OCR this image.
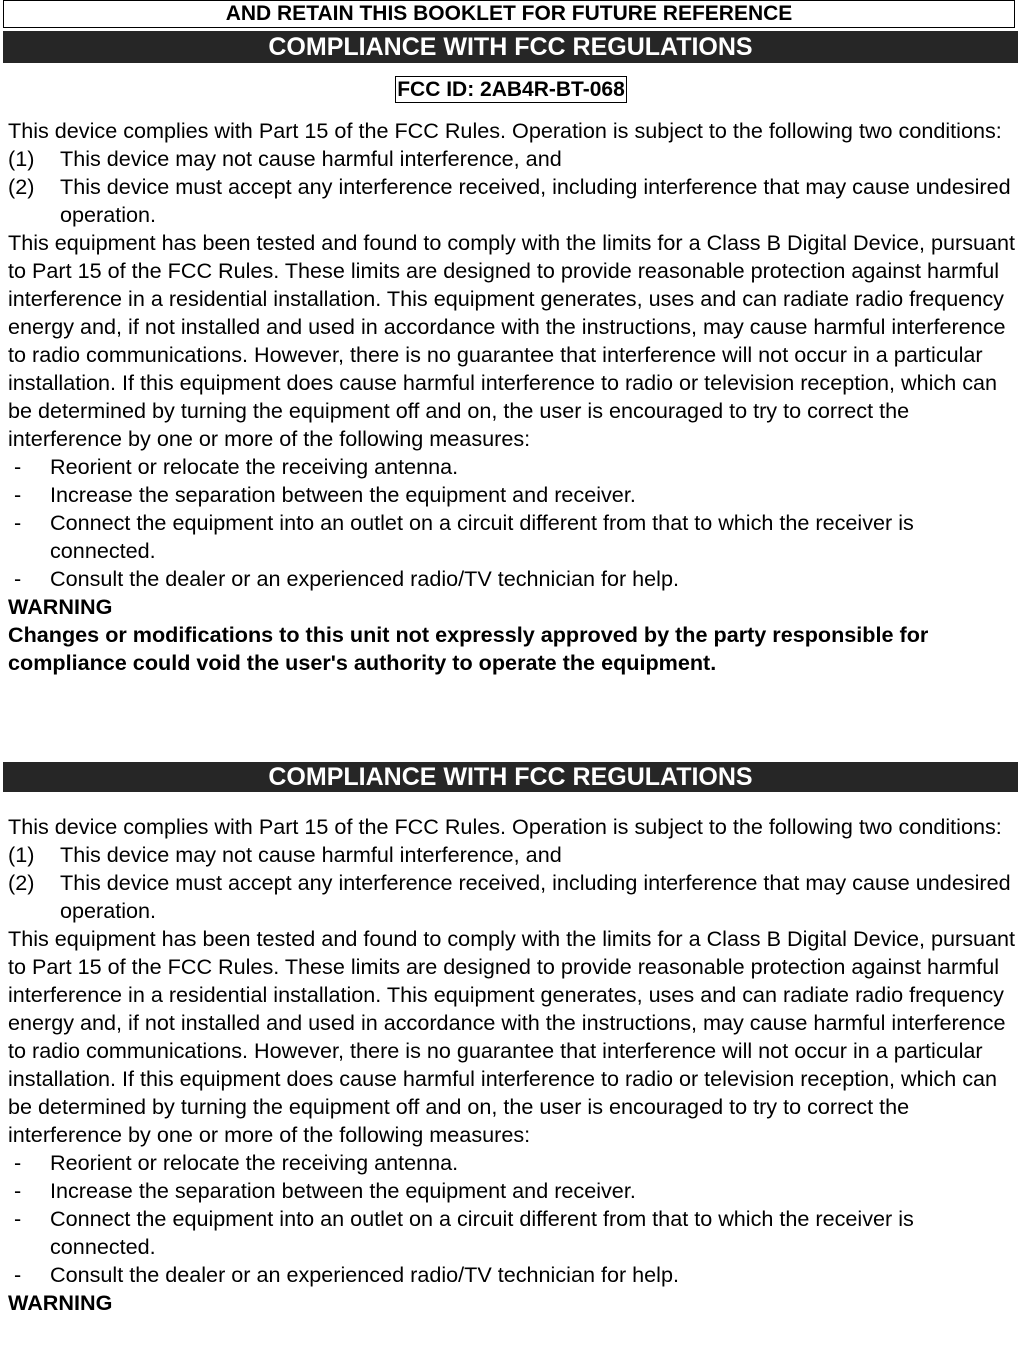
AND RETAIN THIS BOOKLET FOR FUTURE REFERENCE
COMPLIANCE WITH FCC REGULATIONS
FCC ID: 2AB4R-BT-068

This device complies with Part 15 of the FCC Rules. Operation is subject to the following two conditions:

(1)	This device may not cause harmful interference, and
(2)	This device must accept any interference received, including interference that may cause undesired operation.

This equipment has been tested and found to comply with the limits for a Class B Digital Device, pursuant to Part 15 of the FCC Rules. These limits are designed to provide reasonable protection against harmful interference in a residential installation. This equipment generates, uses and can radiate radio frequency energy and, if not installed and used in accordance with the instructions, may cause harmful interference to radio communications. However, there is no guarantee that interference will not occur in a particular installation. If this equipment does cause harmful interference to radio or television reception, which can be determined by turning the equipment off and on, the user is encouraged to try to correct the interference by one or more of the following measures:

-	Reorient or relocate the receiving antenna.
-	Increase the separation between the equipment and receiver.
-	Connect the equipment into an outlet on a circuit different from that to which the receiver is connected.
-	Consult the dealer or an experienced radio/TV technician for help.

WARNING

Changes or modifications to this unit not expressly approved by the party responsible for compliance could void the user's authority to operate the equipment.

COMPLIANCE WITH FCC REGULATIONS

This device complies with Part 15 of the FCC Rules. Operation is subject to the following two conditions:

(1)	This device may not cause harmful interference, and
(2)	This device must accept any interference received, including interference that may cause undesired operation.

This equipment has been tested and found to comply with the limits for a Class B Digital Device, pursuant to Part 15 of the FCC Rules. These limits are designed to provide reasonable protection against harmful interference in a residential installation. This equipment generates, uses and can radiate radio frequency energy and, if not installed and used in accordance with the instructions, may cause harmful interference to radio communications. However, there is no guarantee that interference will not occur in a particular installation. If this equipment does cause harmful interference to radio or television reception, which can be determined by turning the equipment off and on, the user is encouraged to try to correct the interference by one or more of the following measures:

-	Reorient or relocate the receiving antenna.
-	Increase the separation between the equipment and receiver.
-	Connect the equipment into an outlet on a circuit different from that to which the receiver is connected.
-	Consult the dealer or an experienced radio/TV technician for help.

WARNING
